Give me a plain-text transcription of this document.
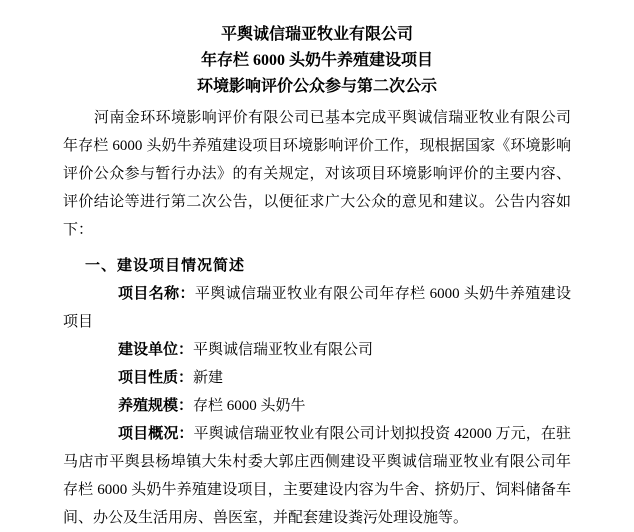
平舆诚信瑞亚牧业有限公司
年存栏 6000 头奶牛养殖建设项目
环境影响评价公众参与第二次公示

河南金环环境影响评价有限公司已基本完成平舆诚信瑞亚牧业有限公司年存栏 6000 头奶牛养殖建设项目环境影响评价工作，现根据国家《环境影响评价公众参与暂行办法》的有关规定，对该项目环境影响评价的主要内容、评价结论等进行第二次公告，以便征求广大公众的意见和建议。公告内容如下：

一、建设项目情况简述

项目名称：平舆诚信瑞亚牧业有限公司年存栏 6000 头奶牛养殖建设项目

建设单位：平舆诚信瑞亚牧业有限公司

项目性质：新建

养殖规模：存栏 6000 头奶牛

项目概况：平舆诚信瑞亚牧业有限公司计划拟投资 42000 万元，在驻马店市平舆县杨埠镇大朱村委大郭庄西侧建设平舆诚信瑞亚牧业有限公司年存栏 6000 头奶牛养殖建设项目，主要建设内容为牛舍、挤奶厅、饲料储备车间、办公及生活用房、兽医室，并配套建设粪污处理设施等。
